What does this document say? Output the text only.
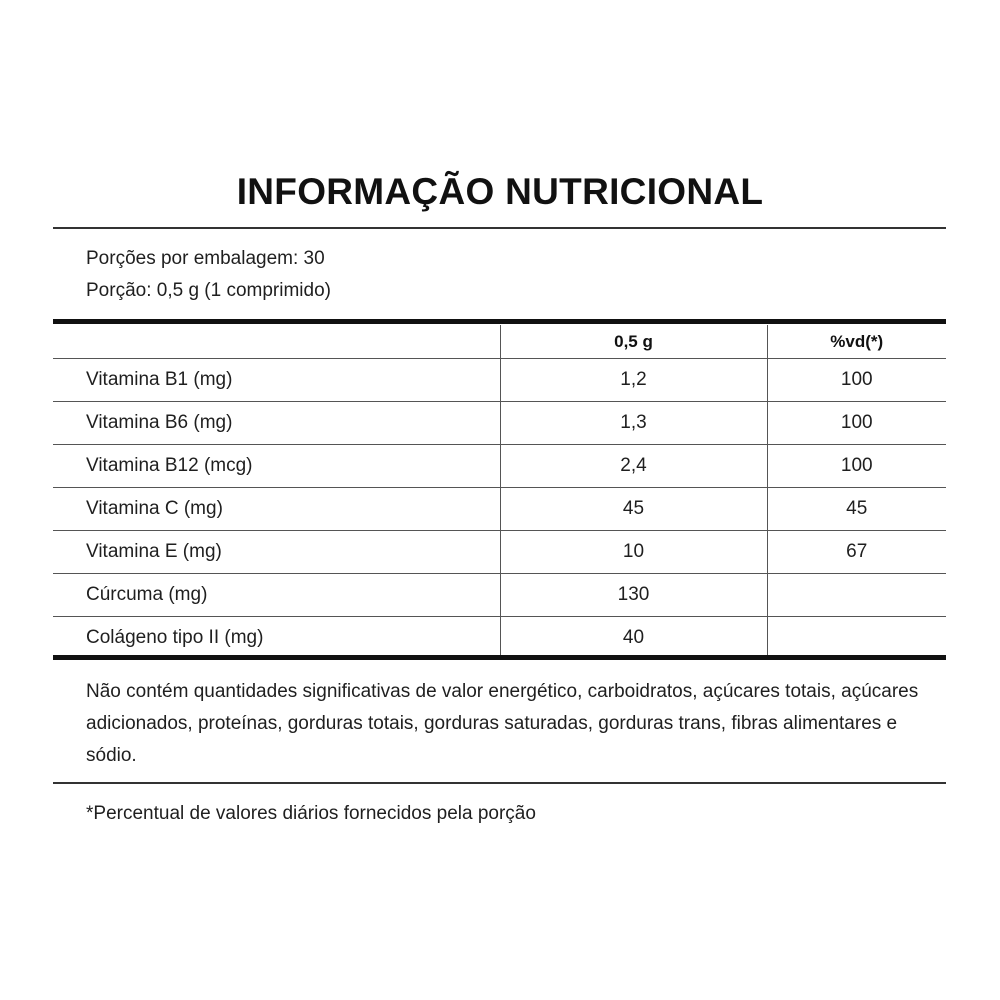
INFORMAÇÃO NUTRICIONAL
Porções por embalagem: 30
Porção: 0,5 g (1 comprimido)
	0,5 g	%vd(*)
Vitamina B1 (mg)	1,2	100
Vitamina B6 (mg)	1,3	100
Vitamina B12 (mcg)	2,4	100
Vitamina C (mg)	45	45
Vitamina E (mg)	10	67
Cúrcuma (mg)	130	
Colágeno tipo II (mg)	40	
Não contém quantidades significativas de valor energético, carboidratos, açúcares totais, açúcares adicionados, proteínas, gorduras totais, gorduras saturadas, gorduras trans, fibras alimentares e sódio.
*Percentual de valores diários fornecidos pela porção
